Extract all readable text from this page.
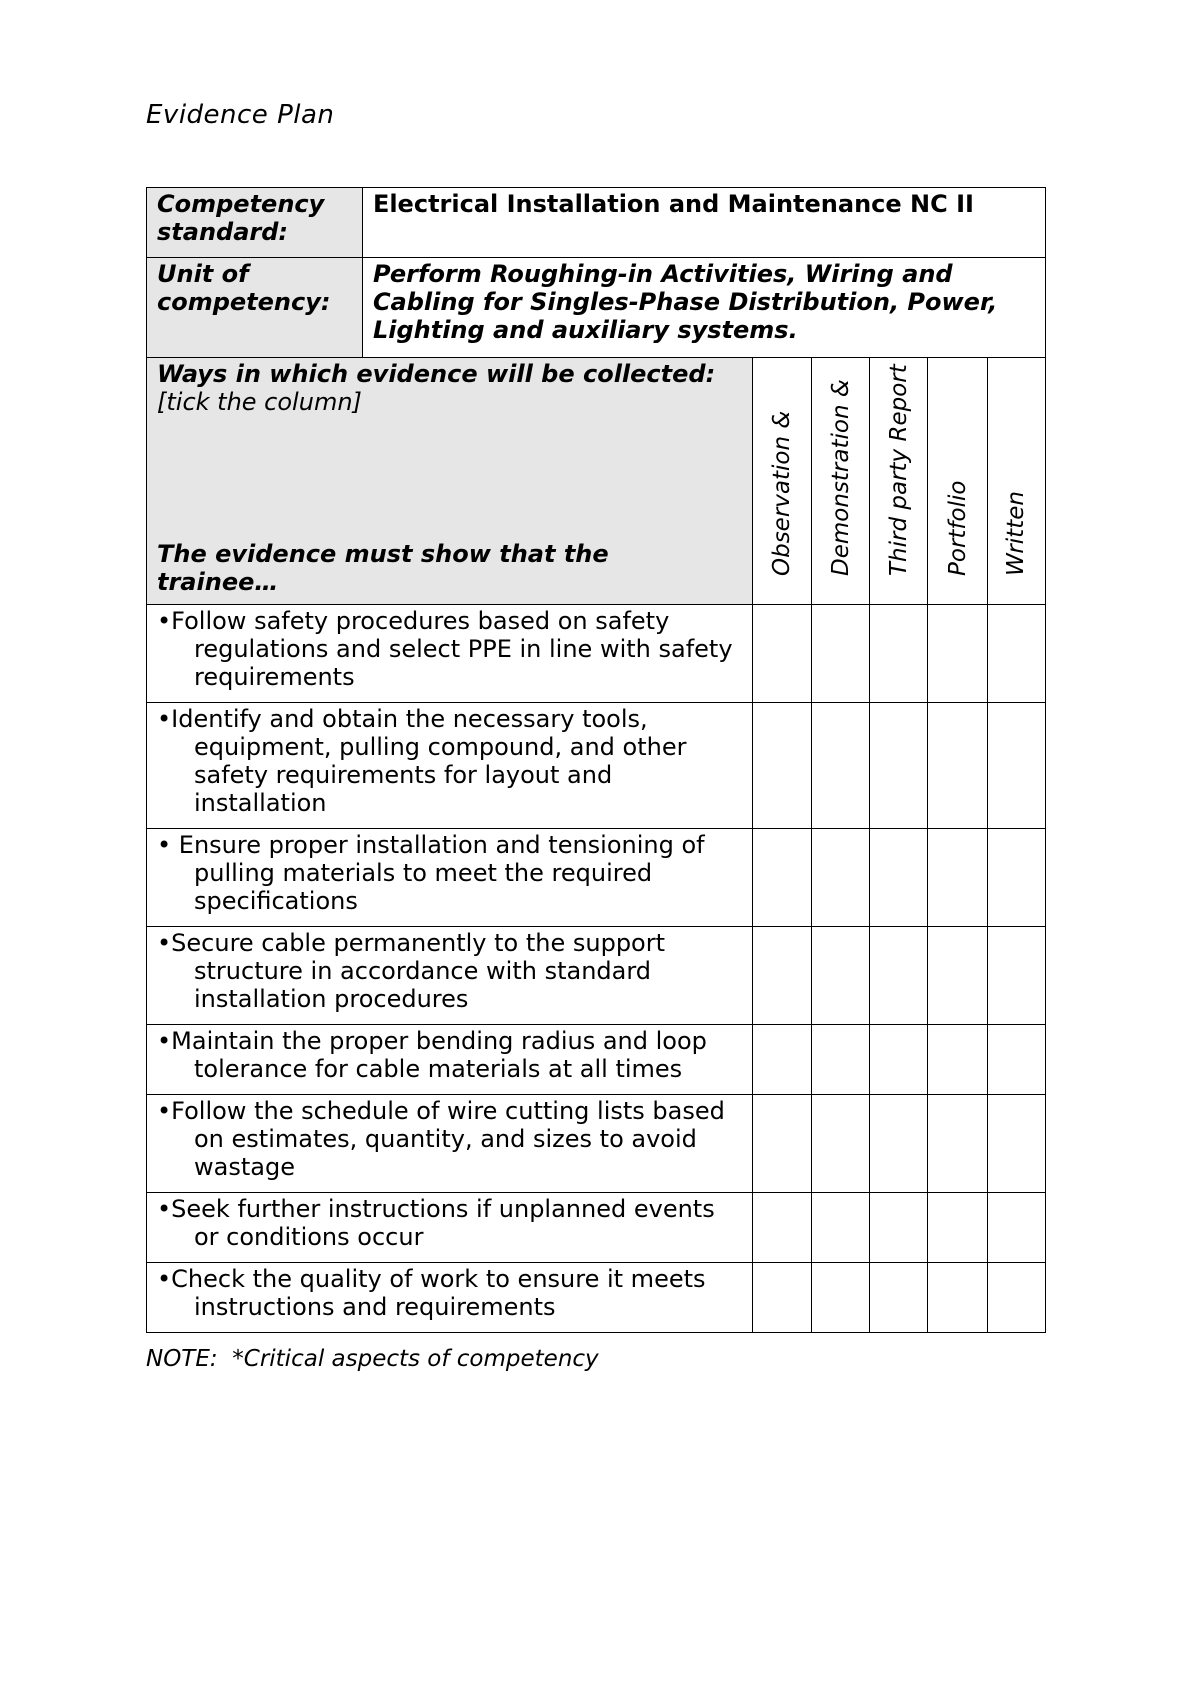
Evidence Plan
Competency standard:	Electrical Installation and Maintenance NC II					
Unit of competency:	Perform Roughing-in Activities, Wiring and Cabling for Singles-Phase Distribution, Power, Lighting and auxiliary systems.					

Ways in which evidence will be collected:
[tick the column]
The evidence must show that the trainee…		Observation &	Demonstration &	Third party Report	Portfolio	Written

•Follow safety procedures based on safety regulations and select PPE in line with safety requirements						

•Identify and obtain the necessary tools, equipment, pulling compound, and other safety requirements for layout and installation						

• Ensure proper installation and tensioning of pulling materials to meet the required specifications						

•Secure cable permanently to the support structure in accordance with standard installation procedures						

•Maintain the proper bending radius and loop tolerance for cable materials at all times						

•Follow the schedule of wire cutting lists based on estimates, quantity, and sizes to avoid wastage						

•Seek further instructions if unplanned events or conditions occur						

•Check the quality of work to ensure it meets instructions and requirements						

NOTE:  *Critical aspects of competency
